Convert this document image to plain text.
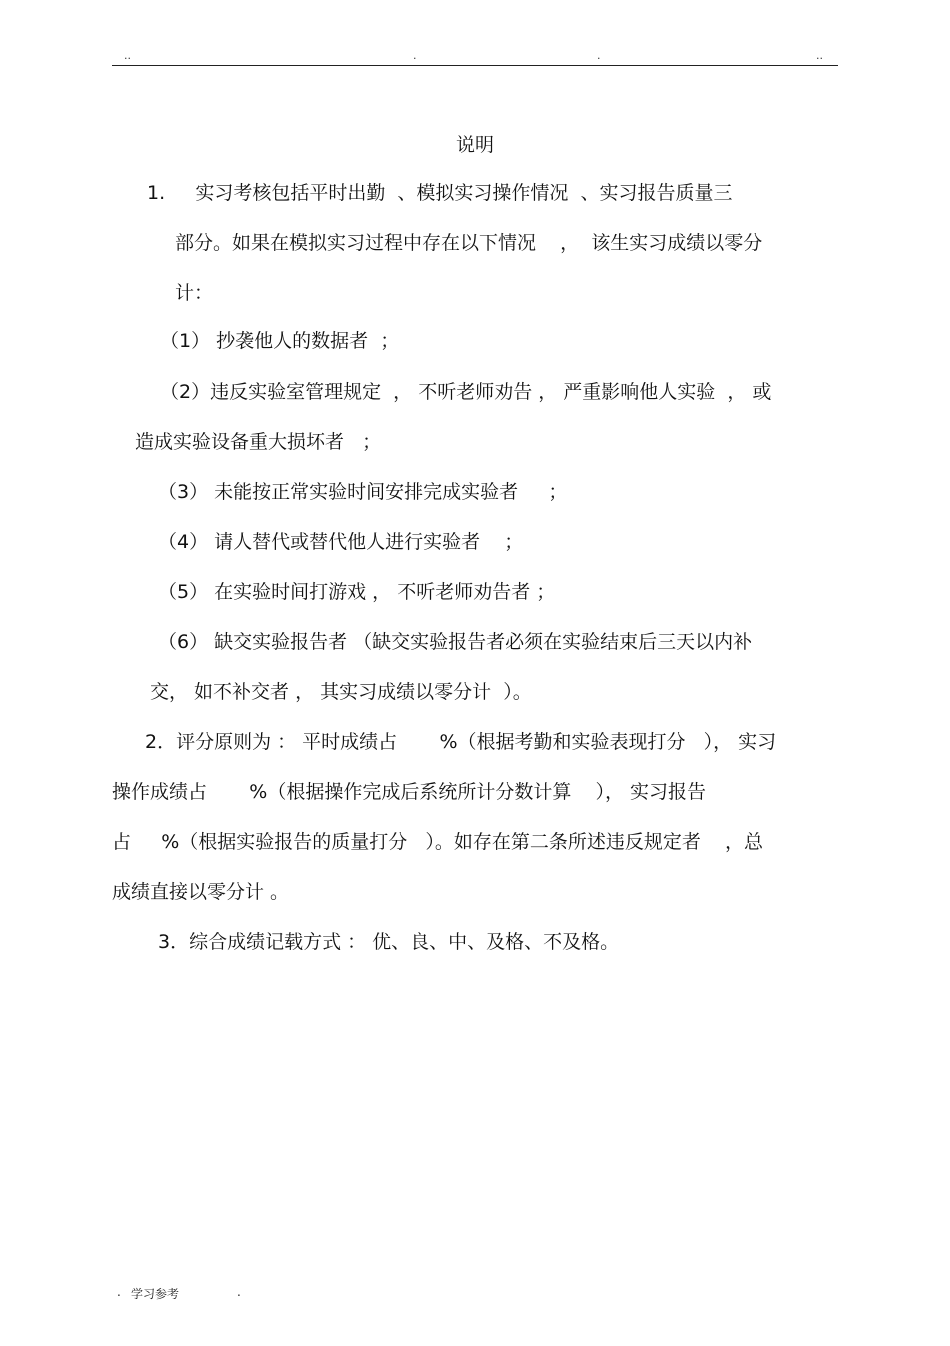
..	.	.	..
说明
1.     实习考核包括平时出勤  、模拟实习操作情况  、实习报告质量三
部分。如果在模拟实习过程中存在以下情况    ，  该生实习成绩以零分
计：
（1） 抄袭他人的数据者  ；
（2）违反实验室管理规定  ， 不听老师劝告 ， 严重影响他人实验  ， 或
造成实验设备重大损坏者   ；
（3） 未能按正常实验时间安排完成实验者     ；
（4） 请人替代或替代他人进行实验者    ；
（5） 在实验时间打游戏 ， 不听老师劝告者 ；
（6） 缺交实验报告者 （缺交实验报告者必须在实验结束后三天以内补
交， 如不补交者 ， 其实习成绩以零分计  ）。
2．评分原则为 ： 平时成绩占       %（根据考勤和实验表现打分   ）， 实习
操作成绩占       %（根据操作完成后系统所计分数计算    ）， 实习报告
占     %（根据实验报告的质量打分   ）。如存在第二条所述违反规定者    ，总
成绩直接以零分计 。
3．综合成绩记载方式 ： 优、良、中、及格、不及格。
. 学习参考	.
